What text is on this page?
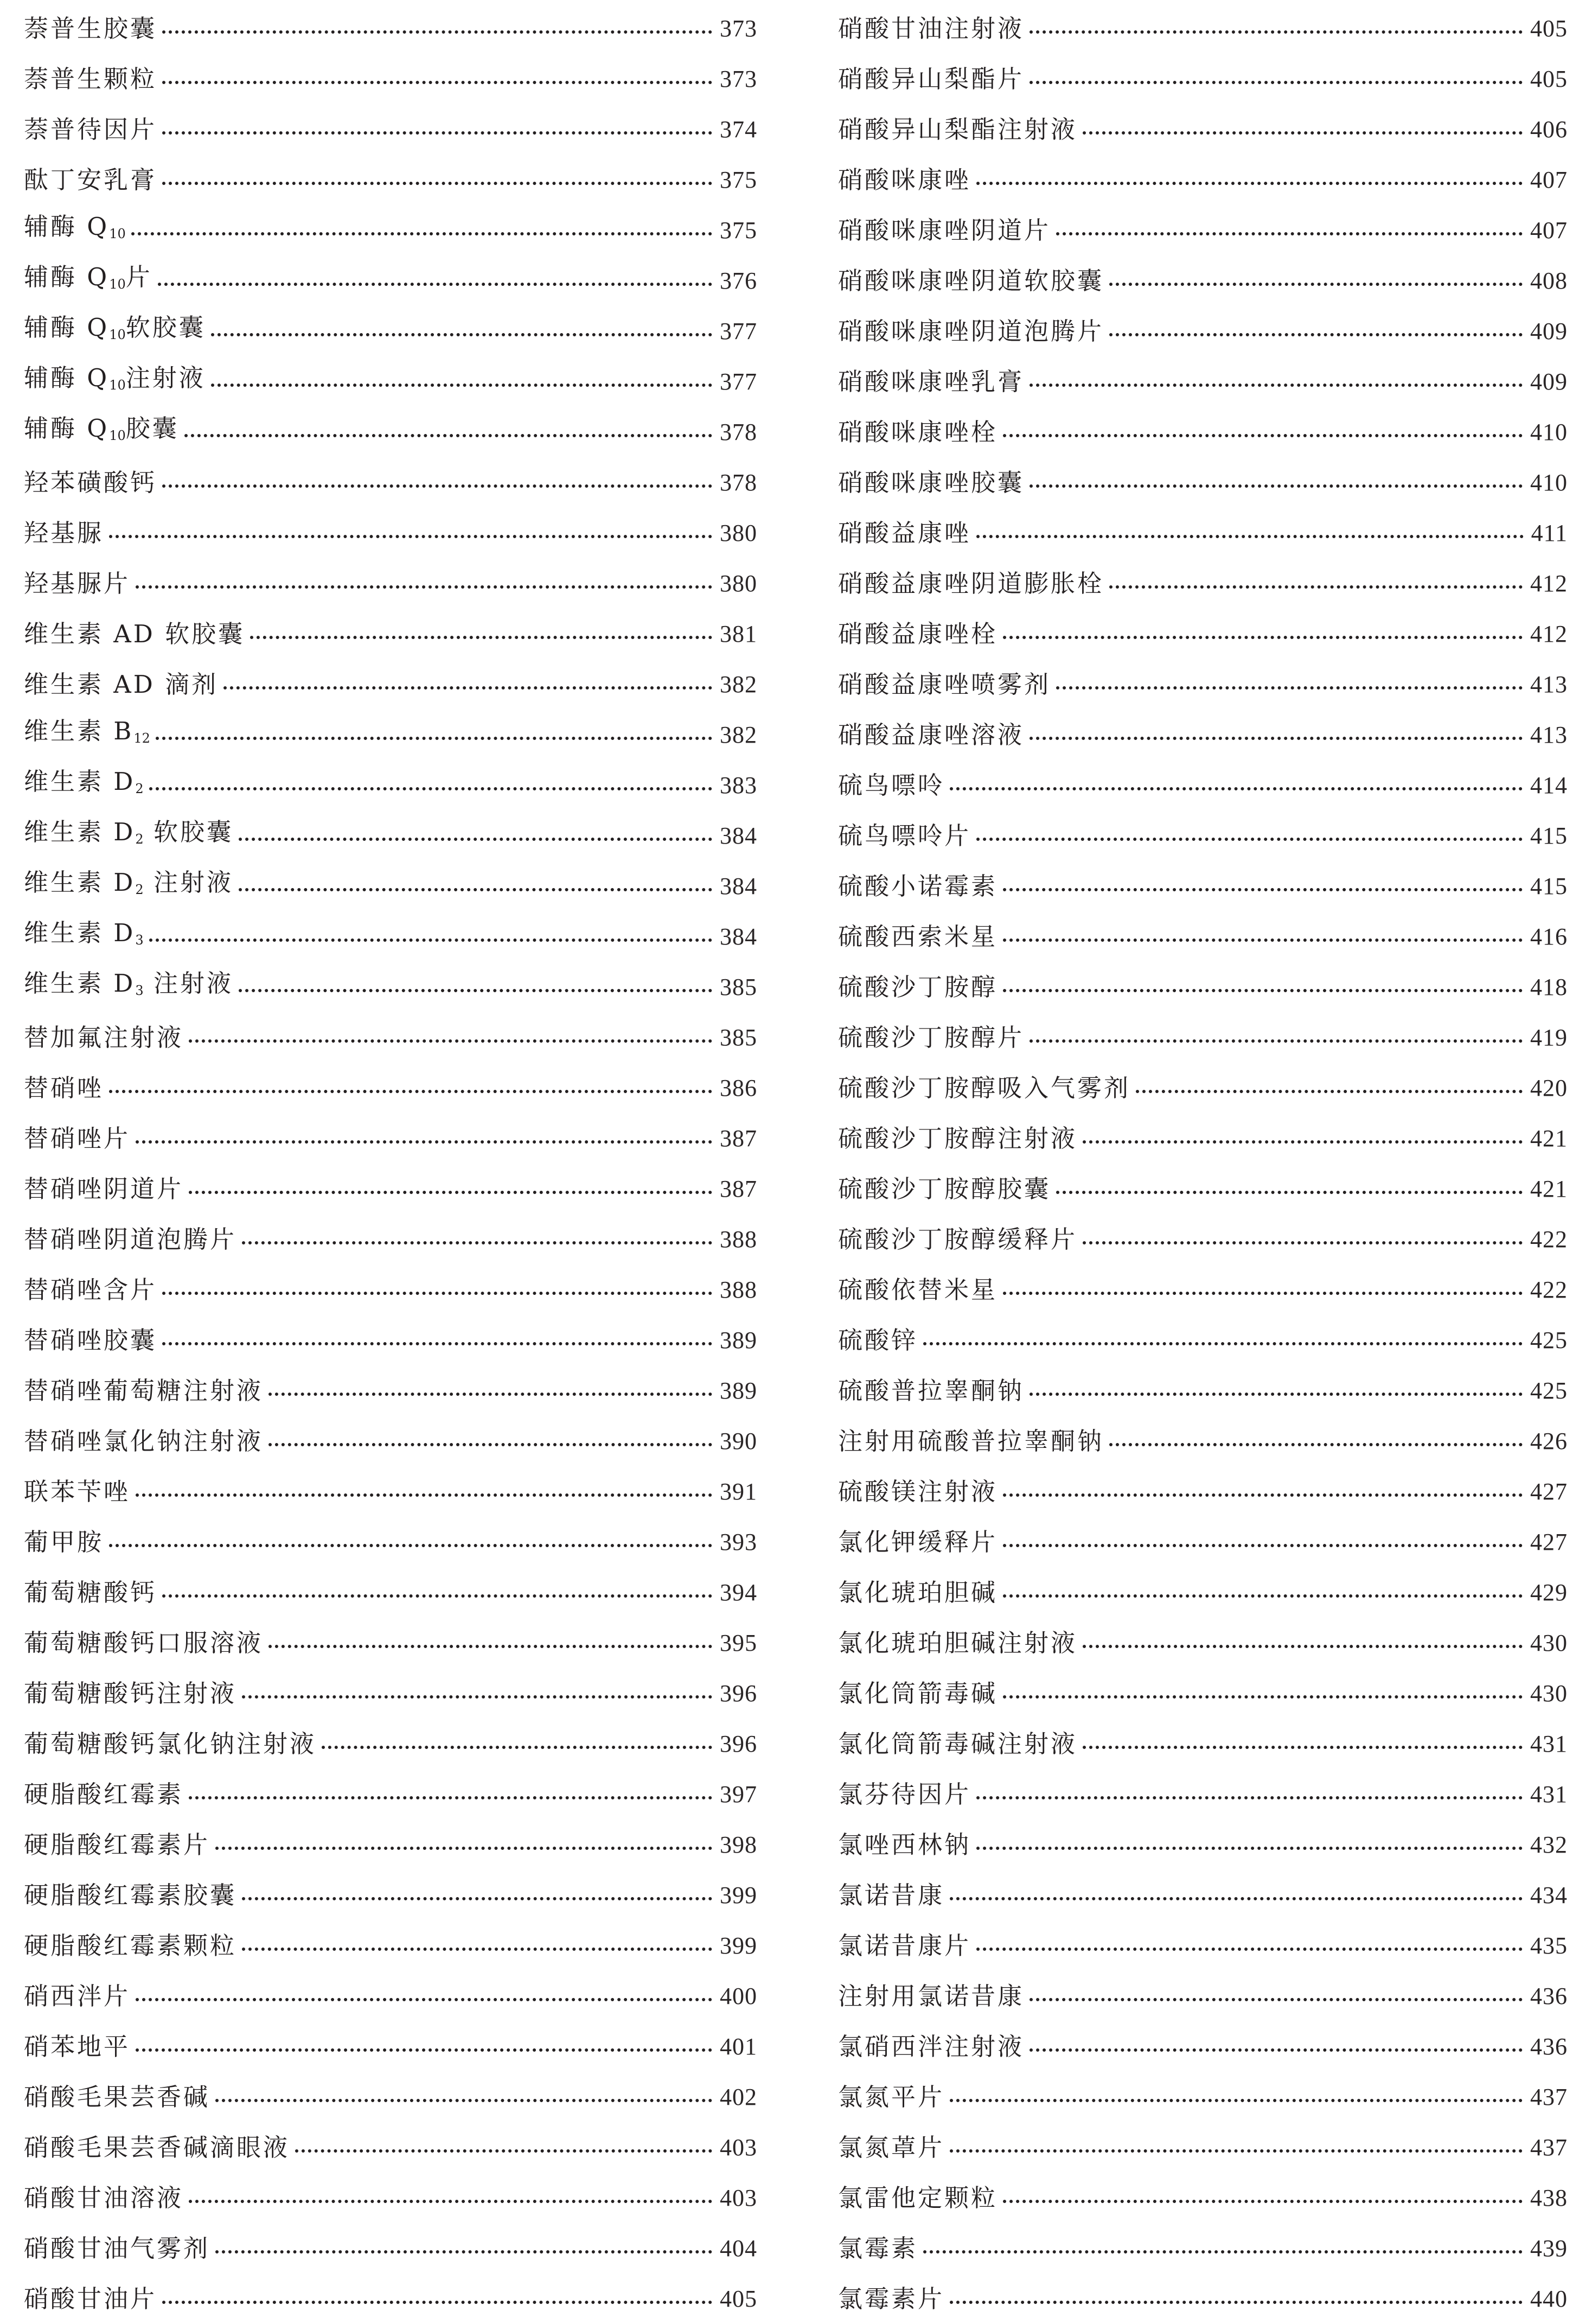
萘普生胶囊	373
萘普生颗粒	373
萘普待因片	374
酞丁安乳膏	375
辅酶 $Q_{10}$	375
辅酶 $Q_{10}$片	376
辅酶 $Q_{10}$软胶囊	377
辅酶 $Q_{10}$注射液	377
辅酶 $Q_{10}$胶囊	378
羟苯磺酸钙	378
羟基脲	380
羟基脲片	380
维生素 AD 软胶囊	381
维生素 AD 滴剂	382
维生素 $B_{12}$	382
维生素 $D_2$	383
维生素 $D_2$ 软胶囊	384
维生素 $D_2$ 注射液	384
维生素 $D_3$	384
维生素 $D_3$ 注射液	385
替加氟注射液	385
替硝唑	386
替硝唑片	387
替硝唑阴道片	387
替硝唑阴道泡腾片	388
替硝唑含片	388
替硝唑胶囊	389
替硝唑葡萄糖注射液	389
替硝唑氯化钠注射液	390
联苯苄唑	391
葡甲胺	393
葡萄糖酸钙	394
葡萄糖酸钙口服溶液	395
葡萄糖酸钙注射液	396
葡萄糖酸钙氯化钠注射液	396
硬脂酸红霉素	397
硬脂酸红霉素片	398
硬脂酸红霉素胶囊	399
硬脂酸红霉素颗粒	399
硝西泮片	400
硝苯地平	401
硝酸毛果芸香碱	402
硝酸毛果芸香碱滴眼液	403
硝酸甘油溶液	403
硝酸甘油气雾剂	404
硝酸甘油片	405
硝酸甘油注射液	405
硝酸异山梨酯片	405
硝酸异山梨酯注射液	406
硝酸咪康唑	407
硝酸咪康唑阴道片	407
硝酸咪康唑阴道软胶囊	408
硝酸咪康唑阴道泡腾片	409
硝酸咪康唑乳膏	409
硝酸咪康唑栓	410
硝酸咪康唑胶囊	410
硝酸益康唑	411
硝酸益康唑阴道膨胀栓	412
硝酸益康唑栓	412
硝酸益康唑喷雾剂	413
硝酸益康唑溶液	413
硫鸟嘌呤	414
硫鸟嘌呤片	415
硫酸小诺霉素	415
硫酸西索米星	416
硫酸沙丁胺醇	418
硫酸沙丁胺醇片	419
硫酸沙丁胺醇吸入气雾剂	420
硫酸沙丁胺醇注射液	421
硫酸沙丁胺醇胶囊	421
硫酸沙丁胺醇缓释片	422
硫酸依替米星	422
硫酸锌	425
硫酸普拉睾酮钠	425
注射用硫酸普拉睾酮钠	426
硫酸镁注射液	427
氯化钾缓释片	427
氯化琥珀胆碱	429
氯化琥珀胆碱注射液	430
氯化筒箭毒碱	430
氯化筒箭毒碱注射液	431
氯芬待因片	431
氯唑西林钠	432
氯诺昔康	434
氯诺昔康片	435
注射用氯诺昔康	436
氯硝西泮注射液	436
氯氮平片	437
氯氮䓬片	437
氯雷他定颗粒	438
氯霉素	439
氯霉素片	440
